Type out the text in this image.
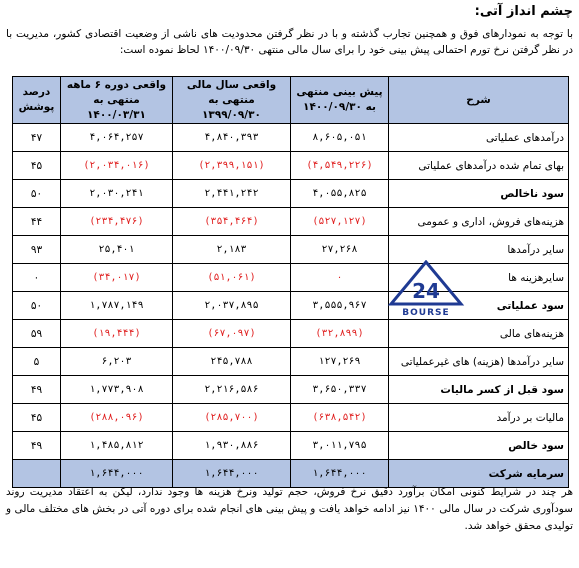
چشم انداز آتی:
با توجه به نمودارهای فوق و همچنین تجارب گذشته و با در نظر گرفتن محدودیت های ناشی از وضعیت اقتصادی کشور، مدیریت با در نظر گرفتن نرخ تورم احتمالی پیش بینی خود را برای سال مالی منتهی ۱۴۰۰/۰۹/۳۰ لحاظ نموده است:
شرح	پیش بینی منتهی به ۱۴۰۰/۰۹/۳۰	واقعی سال مالی منتهی به ۱۳۹۹/۰۹/۳۰	واقعی دوره ۶ ماهه منتهی به ۱۴۰۰/۰۳/۳۱	درصد پوشش
درآمدهای عملیاتی	۸,۶۰۵,۰۵۱	۴,۸۴۰,۳۹۳	۴,۰۶۴,۲۵۷	۴۷
بهای تمام شده درآمدهای عملیاتی	(۴,۵۴۹,۲۲۶)	(۲,۳۹۹,۱۵۱)	(۲,۰۳۴,۰۱۶)	۴۵
سود ناخالص	۴,۰۵۵,۸۲۵	۲,۴۴۱,۲۴۲	۲,۰۳۰,۲۴۱	۵۰
هزینه‌های فروش، اداری و عمومی	(۵۲۷,۱۲۷)	(۳۵۴,۴۶۴)	(۲۳۴,۴۷۶)	۴۴
سایر درآمدها	۲۷,۲۶۸	۲,۱۸۳	۲۵,۴۰۱	۹۳
سایرهزینه ها	۰	(۵۱,۰۶۱)	(۳۴,۰۱۷)	۰
سود عملیاتی	۳,۵۵۵,۹۶۷	۲,۰۳۷,۸۹۵	۱,۷۸۷,۱۴۹	۵۰
هزینه‌های مالی	(۳۲,۸۹۹)	(۶۷,۰۹۷)	(۱۹,۴۴۴)	۵۹
سایر درآمدها (هزینه) های غیرعملیاتی	۱۲۷,۲۶۹	۲۴۵,۷۸۸	۶,۲۰۳	۵
سود قبل از کسر مالیات	۳,۶۵۰,۳۳۷	۲,۲۱۶,۵۸۶	۱,۷۷۳,۹۰۸	۴۹
مالیات بر درآمد	(۶۳۸,۵۴۲)	(۲۸۵,۷۰۰)	(۲۸۸,۰۹۶)	۴۵
سود خالص	۳,۰۱۱,۷۹۵	۱,۹۳۰,۸۸۶	۱,۴۸۵,۸۱۲	۴۹
سرمایه شرکت	۱,۶۴۴,۰۰۰	۱,۶۴۴,۰۰۰	۱,۶۴۴,۰۰۰	
24
BOURSE
هر چند در شرایط کنونی امکان برآورد دقیق نرخ فروش، حجم تولید ونرخ هزینه ها وجود ندارد، لیکن به اعتقاد مدیریت روند سودآوری شرکت در سال مالی ۱۴۰۰ نیز ادامه خواهد یافت و پیش بینی های انجام شده برای دوره آتی در بخش های مختلف مالی و تولیدی محقق خواهد شد.
